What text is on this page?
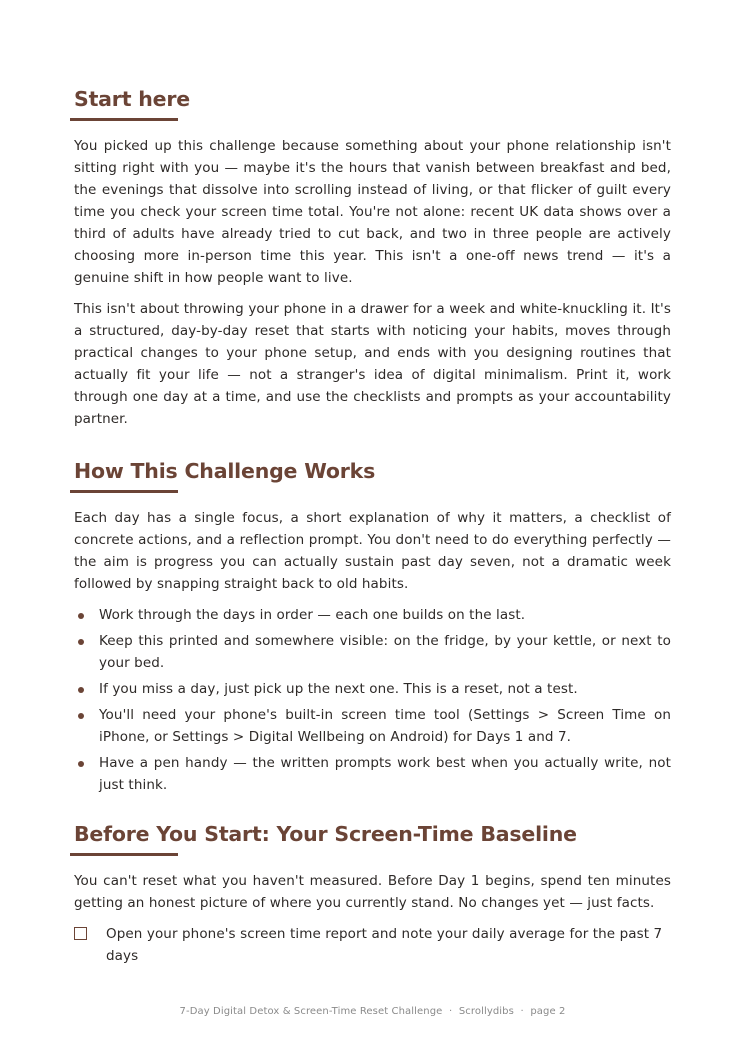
Start here

You picked up this challenge because something about your phone relationship isn't sitting right with you — maybe it's the hours that vanish between breakfast and bed, the evenings that dissolve into scrolling instead of living, or that flicker of guilt every time you check your screen time total. You're not alone: recent UK data shows over a third of adults have already tried to cut back, and two in three people are actively choosing more in-person time this year. This isn't a one-off news trend — it's a genuine shift in how people want to live.

This isn't about throwing your phone in a drawer for a week and white-knuckling it. It's a structured, day-by-day reset that starts with noticing your habits, moves through practical changes to your phone setup, and ends with you designing routines that actually fit your life — not a stranger's idea of digital minimalism. Print it, work through one day at a time, and use the checklists and prompts as your accountability partner.

How This Challenge Works

Each day has a single focus, a short explanation of why it matters, a checklist of concrete actions, and a reflection prompt. You don't need to do everything perfectly — the aim is progress you can actually sustain past day seven, not a dramatic week followed by snapping straight back to old habits.

Work through the days in order — each one builds on the last.
Keep this printed and somewhere visible: on the fridge, by your kettle, or next to your bed.
If you miss a day, just pick up the next one. This is a reset, not a test.
You'll need your phone's built-in screen time tool (Settings > Screen Time on iPhone, or Settings > Digital Wellbeing on Android) for Days 1 and 7.
Have a pen handy — the written prompts work best when you actually write, not just think.
Before You Start: Your Screen-Time Baseline

You can't reset what you haven't measured. Before Day 1 begins, spend ten minutes getting an honest picture of where you currently stand. No changes yet — just facts.

Open your phone's screen time report and note your daily average for the past 7 days
7-Day Digital Detox & Screen-Time Reset Challenge  ·  Scrollydibs  ·  page 2
